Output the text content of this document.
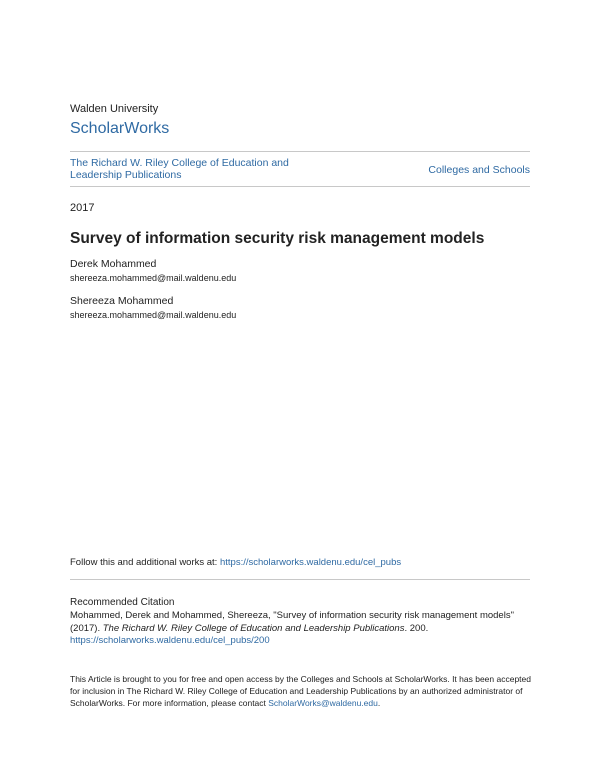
Walden University
ScholarWorks
The Richard W. Riley College of Education and Leadership Publications	Colleges and Schools
2017
Survey of information security risk management models
Derek Mohammed
shereeza.mohammed@mail.waldenu.edu
Shereeza Mohammed
shereeza.mohammed@mail.waldenu.edu
Follow this and additional works at: https://scholarworks.waldenu.edu/cel_pubs
Recommended Citation
Mohammed, Derek and Mohammed, Shereeza, "Survey of information security risk management models" (2017). The Richard W. Riley College of Education and Leadership Publications. 200.
https://scholarworks.waldenu.edu/cel_pubs/200
This Article is brought to you for free and open access by the Colleges and Schools at ScholarWorks. It has been accepted for inclusion in The Richard W. Riley College of Education and Leadership Publications by an authorized administrator of ScholarWorks. For more information, please contact ScholarWorks@waldenu.edu.
